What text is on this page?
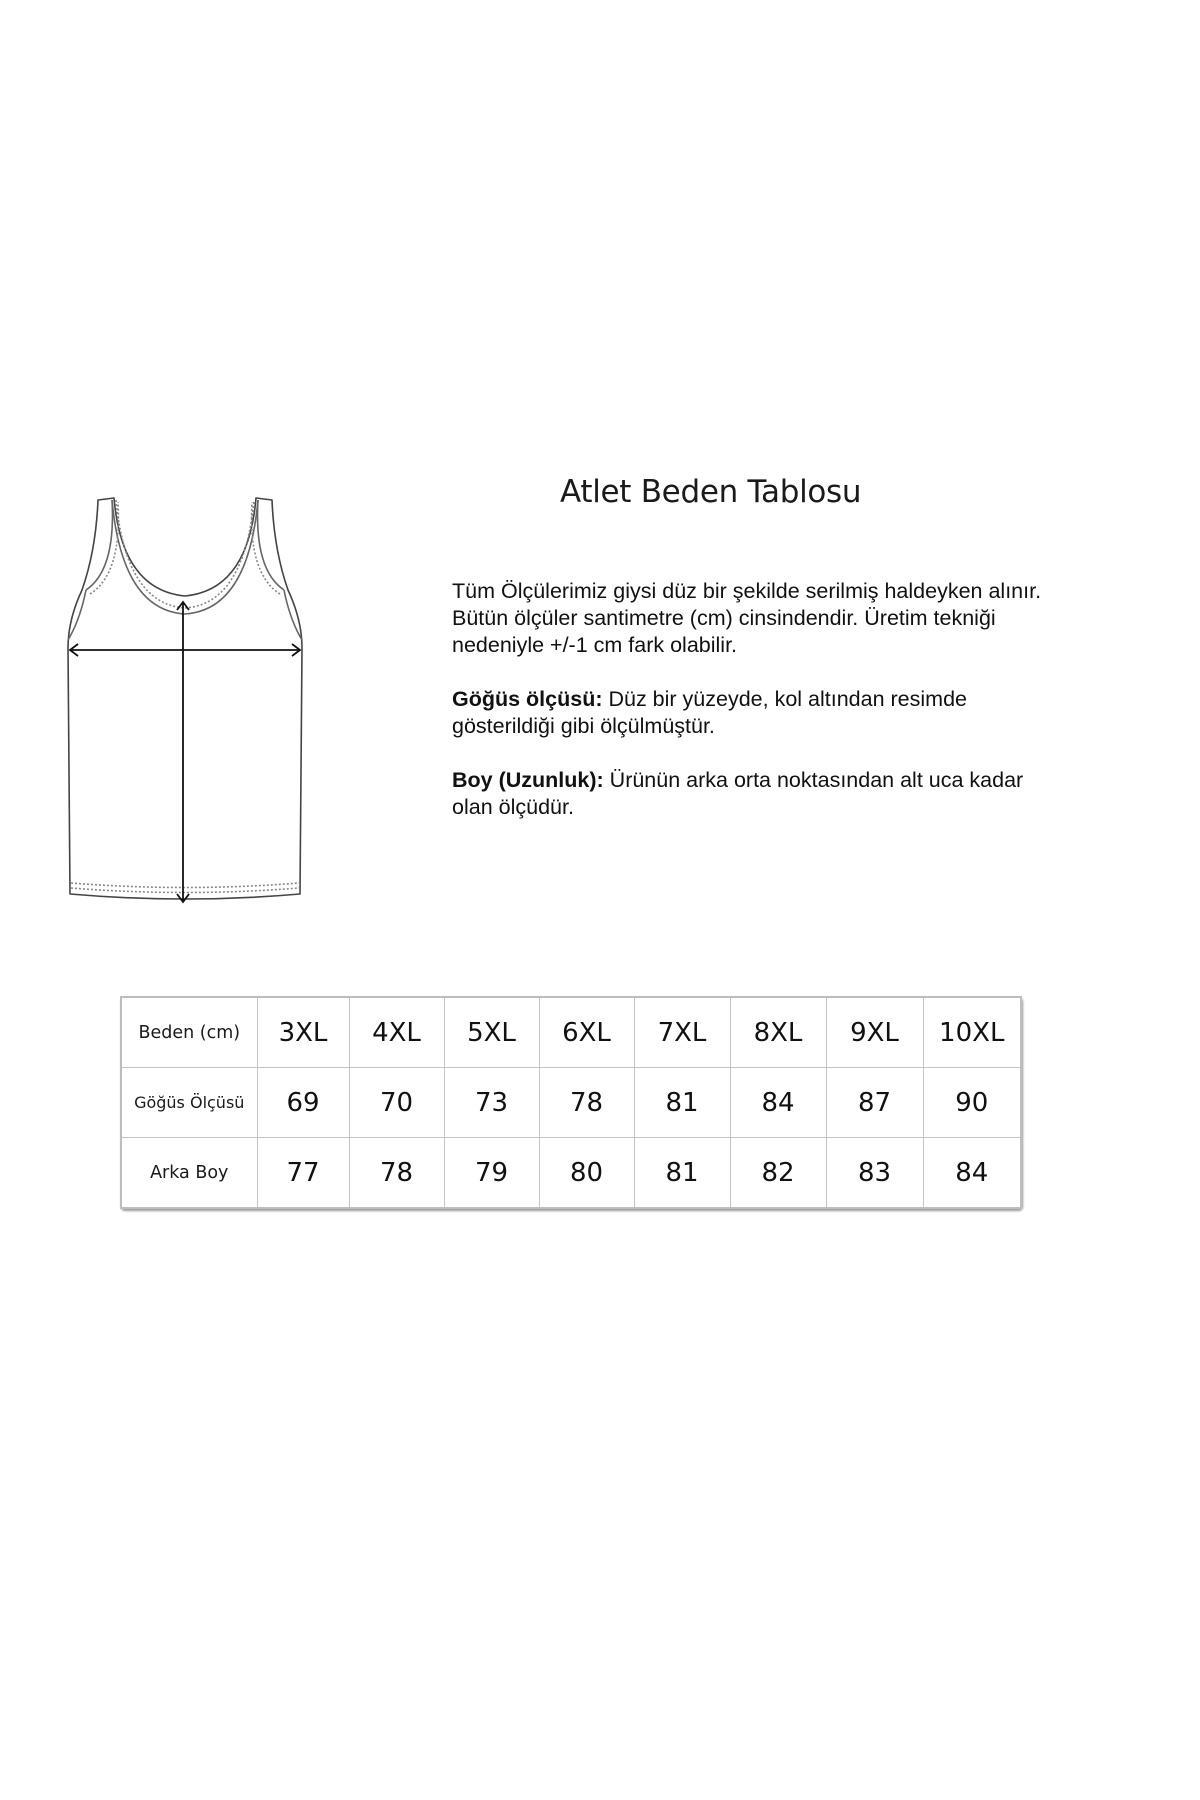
Atlet Beden Tablosu

Tüm Ölçülerimiz giysi düz bir şekilde serilmiş haldeyken alınır.
Bütün ölçüler santimetre (cm) cinsindendir. Üretim tekniği
nedeniyle +/-1 cm fark olabilir.

Göğüs ölçüsü: Düz bir yüzeyde, kol altından resimde
gösterildiği gibi ölçülmüştür.

Boy (Uzunluk): Ürünün arka orta noktasından alt uca kadar
olan ölçüdür.

Beden (cm)	3XL	4XL	5XL	6XL	7XL	8XL	9XL	10XL
Göğüs Ölçüsü	69	70	73	78	81	84	87	90
Arka Boy	77	78	79	80	81	82	83	84
